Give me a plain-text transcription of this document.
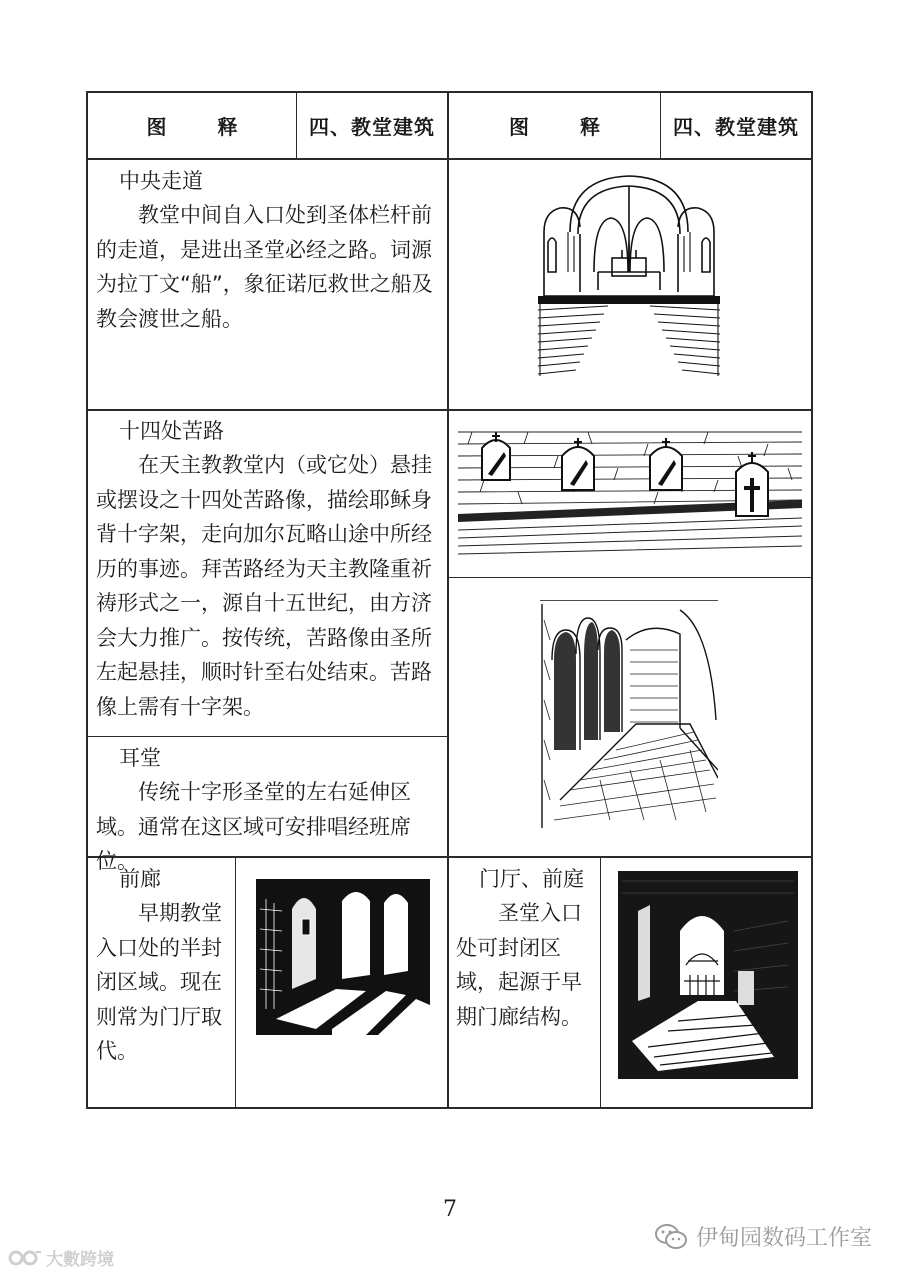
图 释	四、教堂建筑	图 释	四、教堂建筑
中央走道
教堂中间自入口处到圣体栏杆前的走道，是进出圣堂必经之路。词源为拉丁文“船”，象征诺厄救世之船及教会渡世之船。
十四处苦路
在天主教教堂内（或它处）悬挂或摆设之十四处苦路像，描绘耶稣身背十字架，走向加尔瓦略山途中所经历的事迹。拜苦路经为天主教隆重祈祷形式之一，源自十五世纪，由方济会大力推广。按传统，苦路像由圣所左起悬挂，顺时针至右处结束。苦路像上需有十字架。
耳堂
传统十字形圣堂的左右延伸区域。通常在这区域可安排唱经班席位。
前廊
早期教堂入口处的半封闭区域。现在则常为门厅取代。
门厅、前庭
圣堂入口处可封闭区域，起源于早期门廊结构。
7
伊甸园数码工作室
大數跨境
